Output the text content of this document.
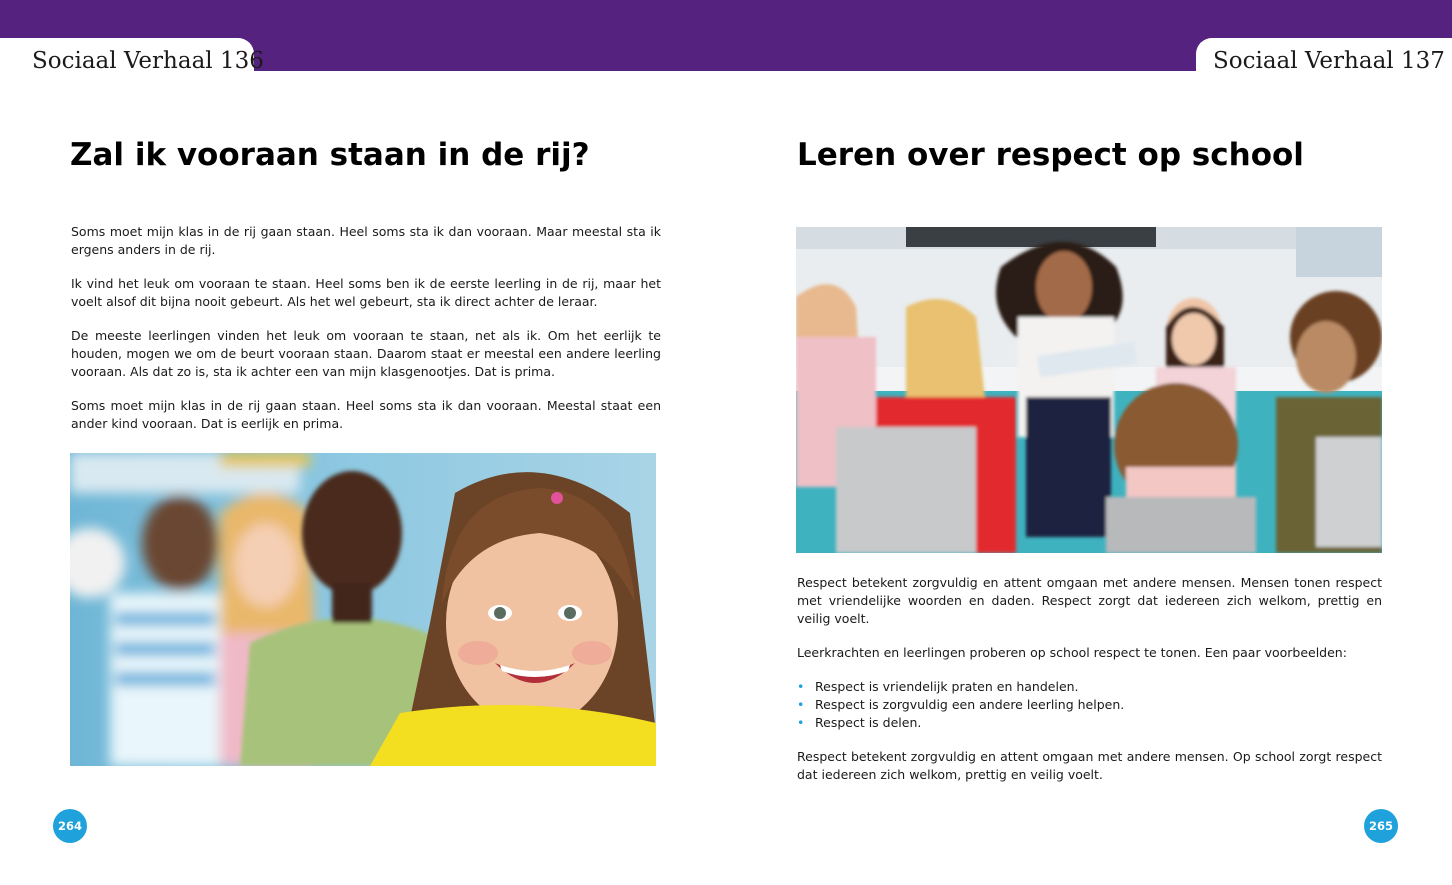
Sociaal Verhaal 136	Sociaal Verhaal 137
Zal ik vooraan staan in de rij?

Soms moet mijn klas in de rij gaan staan. Heel soms sta ik dan vooraan. Maar meestal sta ik ergens anders in de rij.

Ik vind het leuk om vooraan te staan. Heel soms ben ik de eerste leerling in de rij, maar het voelt alsof dit bijna nooit gebeurt. Als het wel gebeurt, sta ik direct achter de leraar.

De meeste leerlingen vinden het leuk om vooraan te staan, net als ik. Om het eerlijk te houden, mogen we om de beurt vooraan staan. Daarom staat er meestal een andere leerling vooraan. Als dat zo is, sta ik achter een van mijn klasgenootjes. Dat is prima.

Soms moet mijn klas in de rij gaan staan. Heel soms sta ik dan vooraan. Meestal staat een ander kind vooraan. Dat is eerlijk en prima.

264
Leren over respect op school

Respect betekent zorgvuldig en attent omgaan met andere mensen. Mensen tonen respect met vriendelijke woorden en daden. Respect zorgt dat iedereen zich welkom, prettig en veilig voelt.

Leerkrachten en leerlingen proberen op school respect te tonen. Een paar voorbeelden:

• Respect is vriendelijk praten en handelen.
• Respect is zorgvuldig een andere leerling helpen.
• Respect is delen.

Respect betekent zorgvuldig en attent omgaan met andere mensen. Op school zorgt respect dat iedereen zich welkom, prettig en veilig voelt.

265
